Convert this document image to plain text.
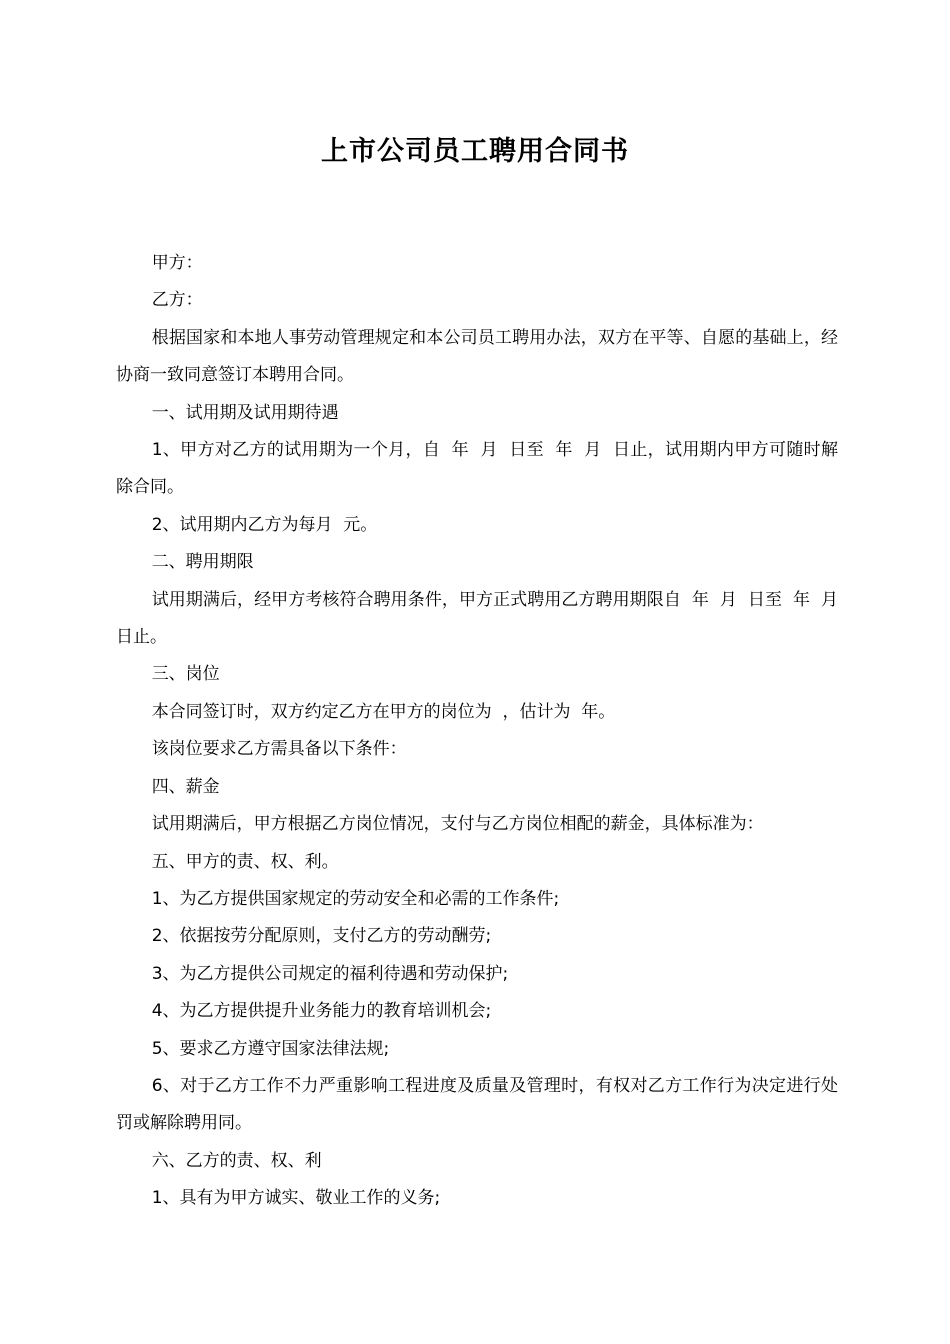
上市公司员工聘用合同书

甲方：

乙方：

根据国家和本地人事劳动管理规定和本公司员工聘用办法，双方在平等、自愿的基础上，经协商一致同意签订本聘用合同。

一、试用期及试用期待遇

1、甲方对乙方的试用期为一个月，自  年  月  日至  年  月  日止，试用期内甲方可随时解除合同。

2、试用期内乙方为每月  元。

二、聘用期限

试用期满后，经甲方考核符合聘用条件，甲方正式聘用乙方聘用期限自  年  月  日至  年  月  日止。

三、岗位

本合同签订时，双方约定乙方在甲方的岗位为  ，估计为  年。

该岗位要求乙方需具备以下条件：

四、薪金

试用期满后，甲方根据乙方岗位情况，支付与乙方岗位相配的薪金，具体标准为：

五、甲方的责、权、利。

1、为乙方提供国家规定的劳动安全和必需的工作条件;

2、依据按劳分配原则，支付乙方的劳动酬劳;

3、为乙方提供公司规定的福利待遇和劳动保护;

4、为乙方提供提升业务能力的教育培训机会;

5、要求乙方遵守国家法律法规;

6、对于乙方工作不力严重影响工程进度及质量及管理时，有权对乙方工作行为决定进行处罚或解除聘用同。

六、乙方的责、权、利

1、具有为甲方诚实、敬业工作的义务;
